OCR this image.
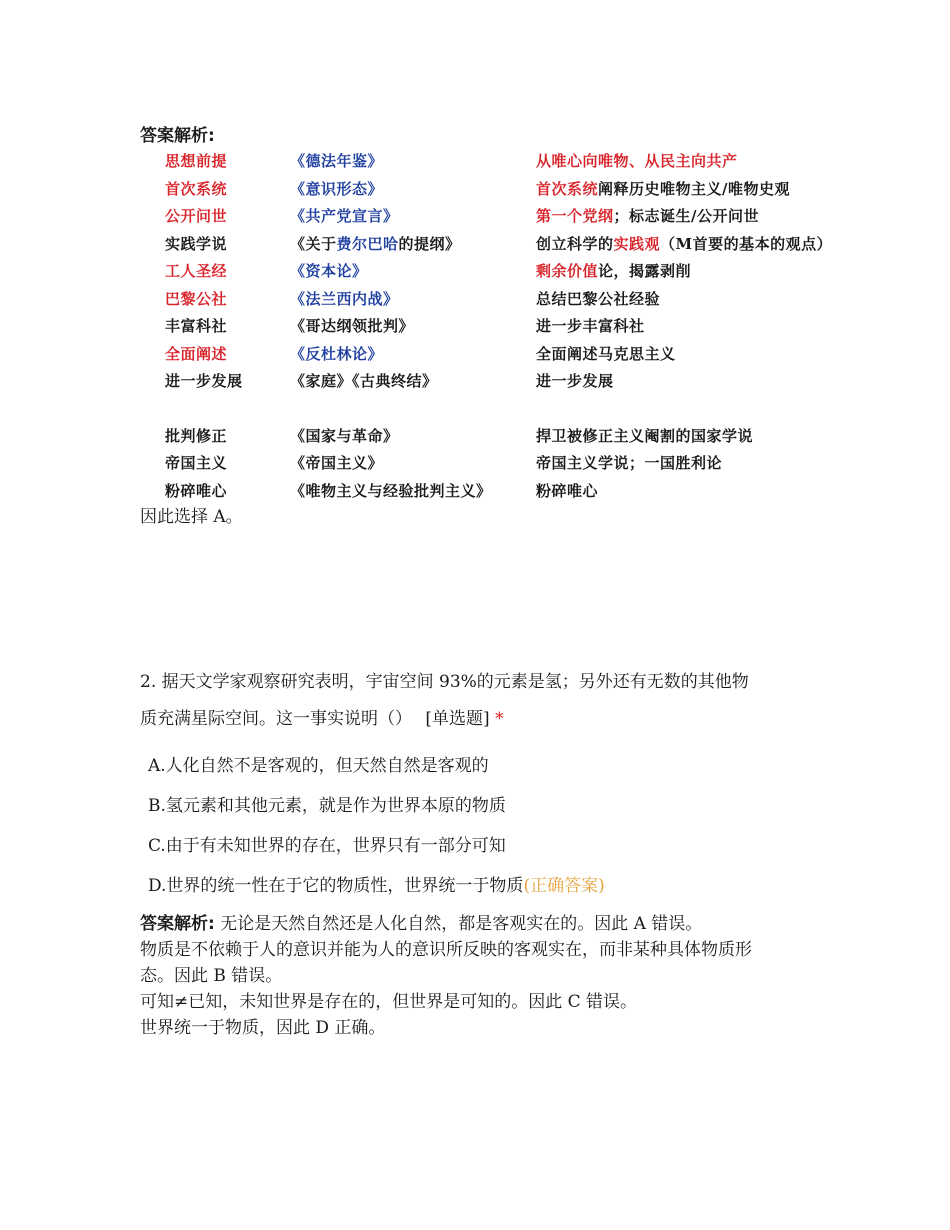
答案解析:
思想前提	《德法年鉴》	从唯心向唯物、从民主向共产
首次系统	《意识形态》	首次系统阐释历史唯物主义/唯物史观
公开问世	《共产党宣言》	第一个党纲；标志诞生/公开问世
实践学说	《关于费尔巴哈的提纲》	创立科学的实践观（M首要的基本的观点）
工人圣经	《资本论》	剩余价值论，揭露剥削
巴黎公社	《法兰西内战》	总结巴黎公社经验
丰富科社	《哥达纲领批判》	进一步丰富科社
全面阐述	《反杜林论》	全面阐述马克思主义
进一步发展	《家庭》《古典终结》	进一步发展
批判修正	《国家与革命》	捍卫被修正主义阉割的国家学说
帝国主义	《帝国主义》	帝国主义学说；一国胜利论
粉碎唯心	《唯物主义与经验批判主义》	粉碎唯心
因此选择 A。
2. 据天文学家观察研究表明，宇宙空间 93%的元素是氢；另外还有无数的其他物
质充满星际空间。这一事实说明（） [单选题] *
A.人化自然不是客观的，但天然自然是客观的
B.氢元素和其他元素，就是作为世界本原的物质
C.由于有未知世界的存在，世界只有一部分可知
D.世界的统一性在于它的物质性，世界统一于物质(正确答案)
答案解析: 无论是天然自然还是人化自然，都是客观实在的。因此 A 错误。
物质是不依赖于人的意识并能为人的意识所反映的客观实在，而非某种具体物质形
态。因此 B 错误。
可知≠已知，未知世界是存在的，但世界是可知的。因此 C 错误。
世界统一于物质，因此 D 正确。
